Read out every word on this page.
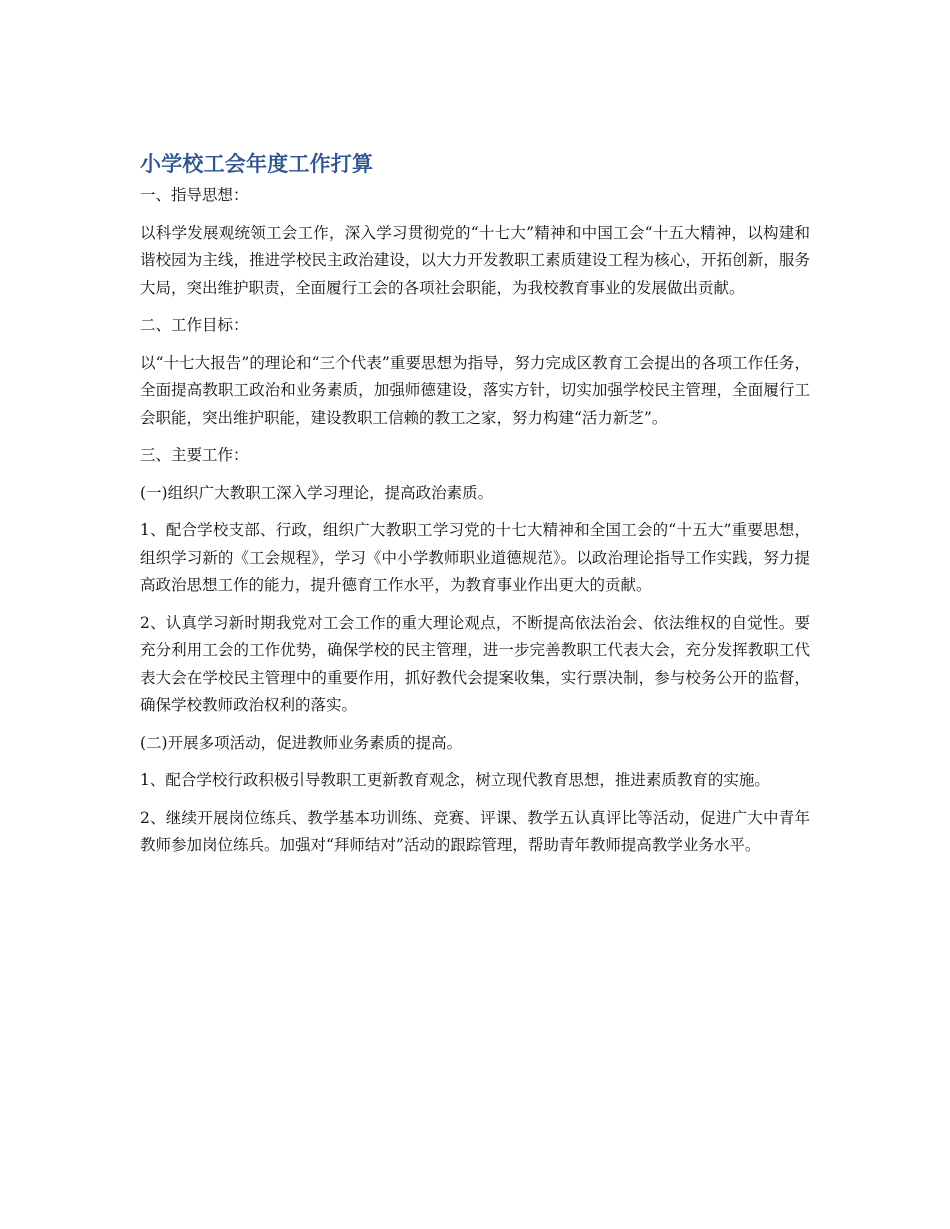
小学校工会年度工作打算

一、指导思想：

以科学发展观统领工会工作，深入学习贯彻党的“十七大”精神和中国工会“十五大精神，以构建和谐校园为主线，推进学校民主政治建设，以大力开发教职工素质建设工程为核心，开拓创新，服务大局，突出维护职责，全面履行工会的各项社会职能，为我校教育事业的发展做出贡献。

二、工作目标：

以“十七大报告”的理论和“三个代表”重要思想为指导，努力完成区教育工会提出的各项工作任务，全面提高教职工政治和业务素质，加强师德建设，落实方针，切实加强学校民主管理，全面履行工会职能，突出维护职能，建设教职工信赖的教工之家，努力构建“活力新芝”。

三、主要工作：

(一)组织广大教职工深入学习理论，提高政治素质。

1、配合学校支部、行政，组织广大教职工学习党的十七大精神和全国工会的“十五大”重要思想，组织学习新的《工会规程》，学习《中小学教师职业道德规范》。以政治理论指导工作实践，努力提高政治思想工作的能力，提升德育工作水平，为教育事业作出更大的贡献。

2、认真学习新时期我党对工会工作的重大理论观点，不断提高依法治会、依法维权的自觉性。要充分利用工会的工作优势，确保学校的民主管理，进一步完善教职工代表大会，充分发挥教职工代表大会在学校民主管理中的重要作用，抓好教代会提案收集，实行票决制，参与校务公开的监督，确保学校教师政治权利的落实。

(二)开展多项活动，促进教师业务素质的提高。

1、配合学校行政积极引导教职工更新教育观念，树立现代教育思想，推进素质教育的实施。

2、继续开展岗位练兵、教学基本功训练、竞赛、评课、教学五认真评比等活动，促进广大中青年教师参加岗位练兵。加强对“拜师结对”活动的跟踪管理，帮助青年教师提高教学业务水平。
